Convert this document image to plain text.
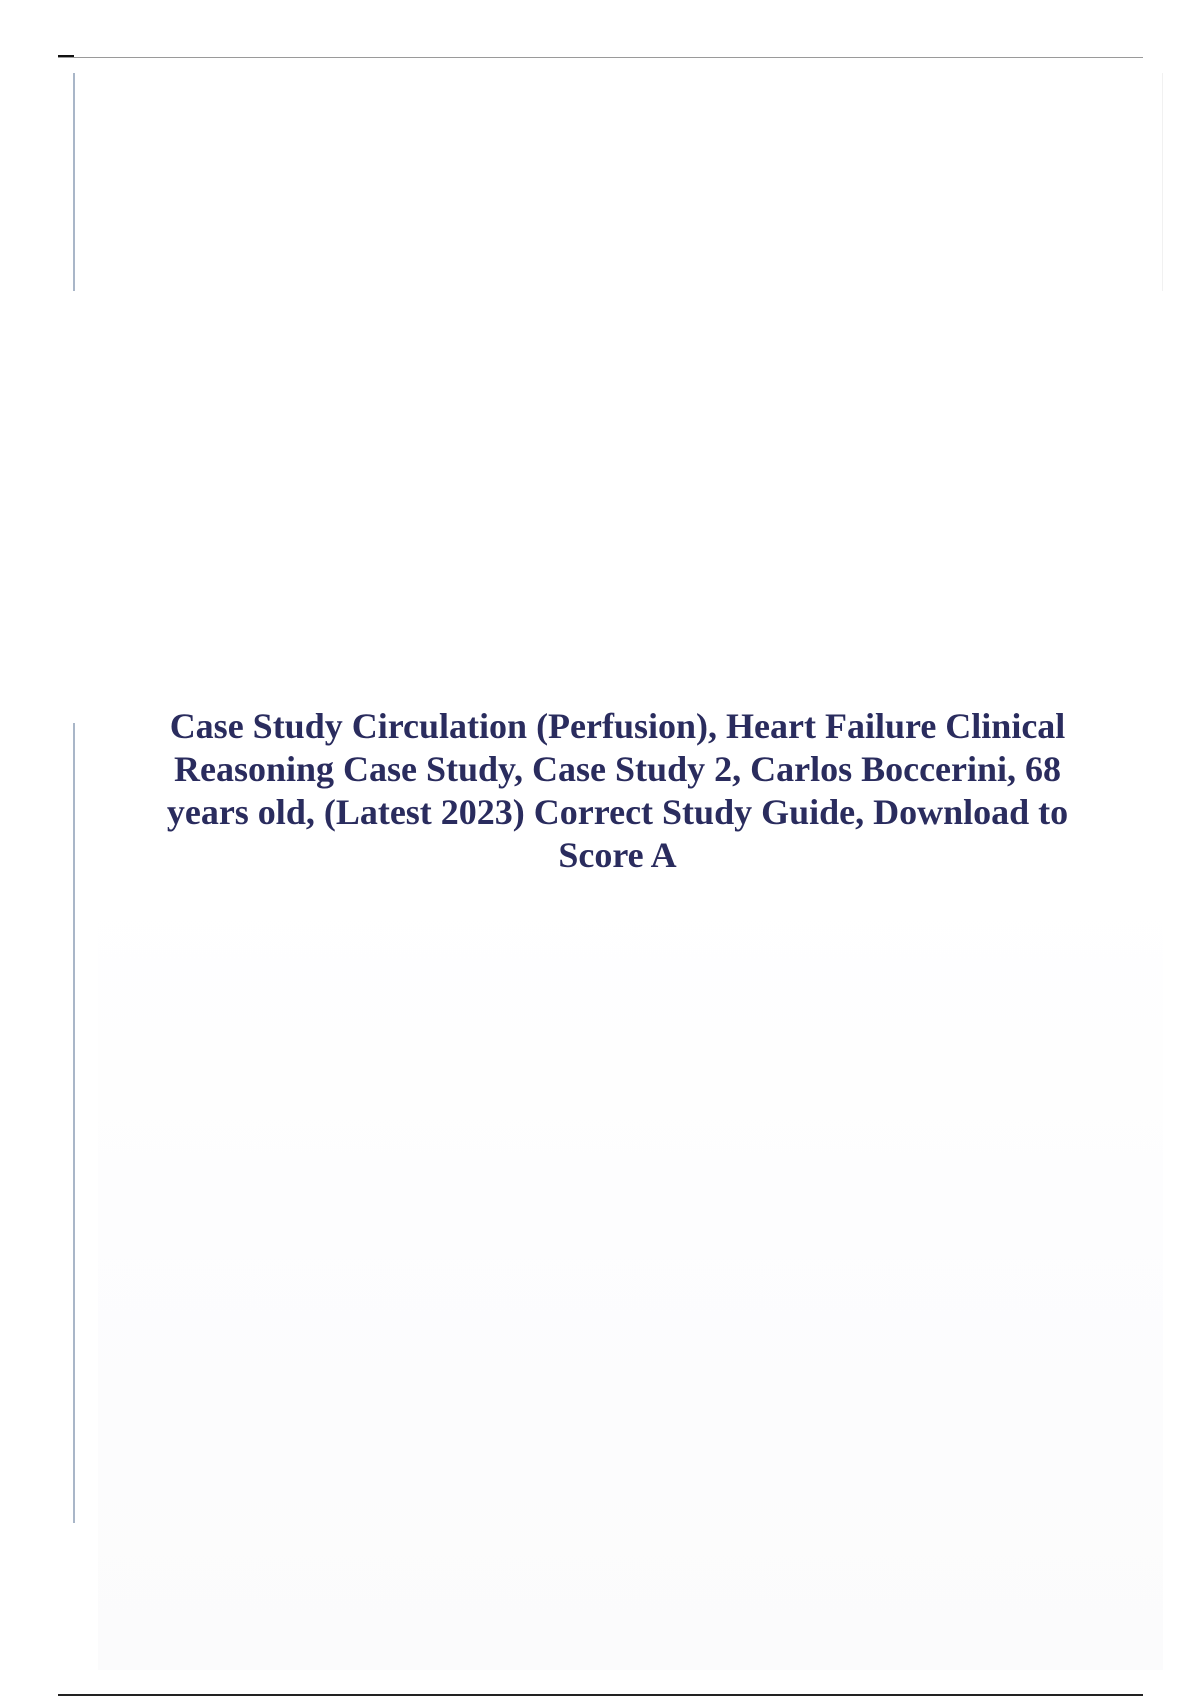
Case Study Circulation (Perfusion), Heart Failure Clinical Reasoning Case Study, Case Study 2, Carlos Boccerini, 68 years old, (Latest 2023) Correct Study Guide, Download to Score A
